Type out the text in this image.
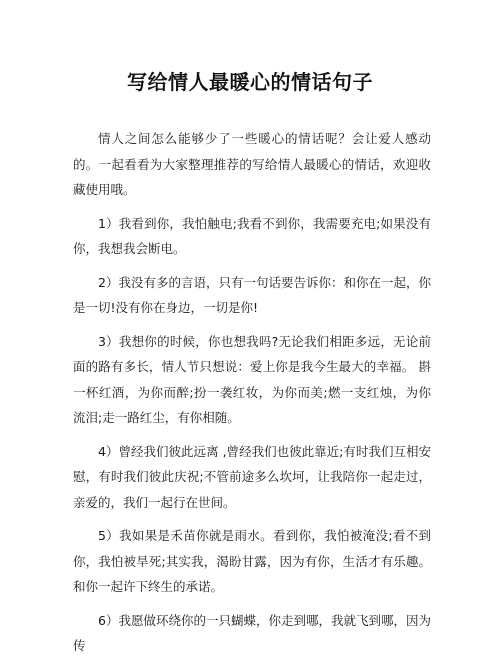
写给情人最暖心的情话句子

情人之间怎么能够少了一些暖心的情话呢？会让爱人感动的。一起看看为大家整理推荐的写给情人最暖心的情话，欢迎收藏使用哦。

1）我看到你，我怕触电;我看不到你，我需要充电;如果没有你，我想我会断电。

2）我没有多的言语，只有一句话要告诉你：和你在一起，你是一切!没有你在身边，一切是你!

3）我想你的时候，你也想我吗?无论我们相距多远，无论前面的路有多长，情人节只想说：爱上你是我今生最大的幸福。 斟一杯红酒，为你而醉;扮一袭红妆，为你而美;燃一支红烛，为你流泪;走一路红尘，有你相随。

4）曾经我们彼此远离 ,曾经我们也彼此靠近;有时我们互相安慰，有时我们彼此庆祝;不管前途多么坎坷，让我陪你一起走过，亲爱的，我们一起行在世间。

5）我如果是禾苗你就是雨水。看到你，我怕被淹没;看不到你，我怕被旱死;其实我，渴盼甘露，因为有你，生活才有乐趣。和你一起许下终生的承诺。

6）我愿做环绕你的一只蝴蝶，你走到哪，我就飞到哪，因为传
